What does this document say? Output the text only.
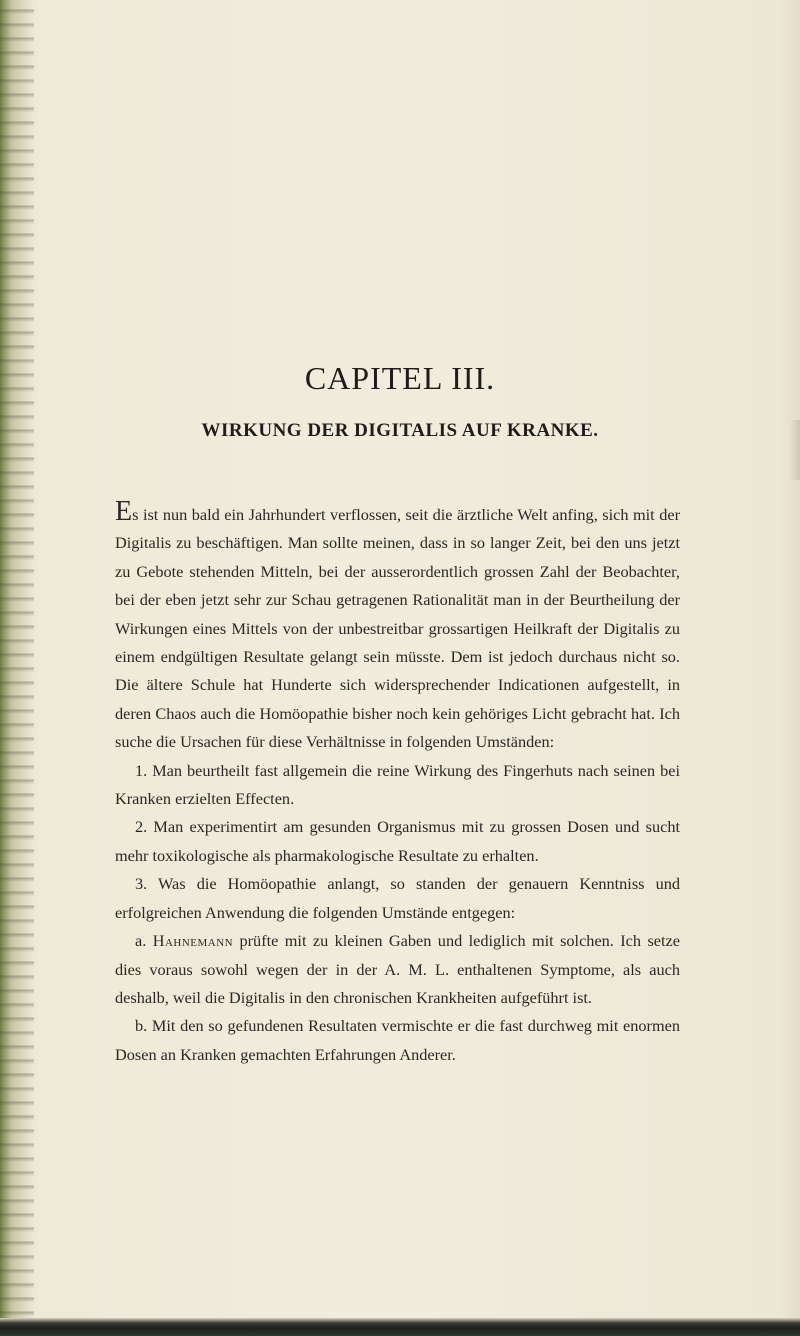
CAPITEL III.
WIRKUNG DER DIGITALIS AUF KRANKE.

Es ist nun bald ein Jahrhundert verflossen, seit die ärztliche Welt anfing, sich mit der Digitalis zu beschäftigen. Man sollte meinen, dass in so langer Zeit, bei den uns jetzt zu Gebote stehenden Mitteln, bei der ausserordentlich grossen Zahl der Beobachter, bei der eben jetzt sehr zur Schau getragenen Rationalität man in der Beurtheilung der Wirkungen eines Mittels von der unbestreitbar grossartigen Heilkraft der Digitalis zu einem endgültigen Resultate gelangt sein müsste. Dem ist jedoch durchaus nicht so. Die ältere Schule hat Hunderte sich widersprechender Indicationen aufgestellt, in deren Chaos auch die Homöopathie bisher noch kein gehöriges Licht gebracht hat. Ich suche die Ursachen für diese Verhältnisse in folgenden Umständen:

1. Man beurtheilt fast allgemein die reine Wirkung des Fingerhuts nach seinen bei Kranken erzielten Effecten.

2. Man experimentirt am gesunden Organismus mit zu grossen Dosen und sucht mehr toxikologische als pharmakologische Resultate zu erhalten.

3. Was die Homöopathie anlangt, so standen der genauern Kenntniss und erfolgreichen Anwendung die folgenden Umstände entgegen:

a. Hahnemann prüfte mit zu kleinen Gaben und lediglich mit solchen. Ich setze dies voraus sowohl wegen der in der A. M. L. enthaltenen Symptome, als auch deshalb, weil die Digitalis in den chronischen Krankheiten aufgeführt ist.

b. Mit den so gefundenen Resultaten vermischte er die fast durchweg mit enormen Dosen an Kranken gemachten Erfahrungen Anderer.
